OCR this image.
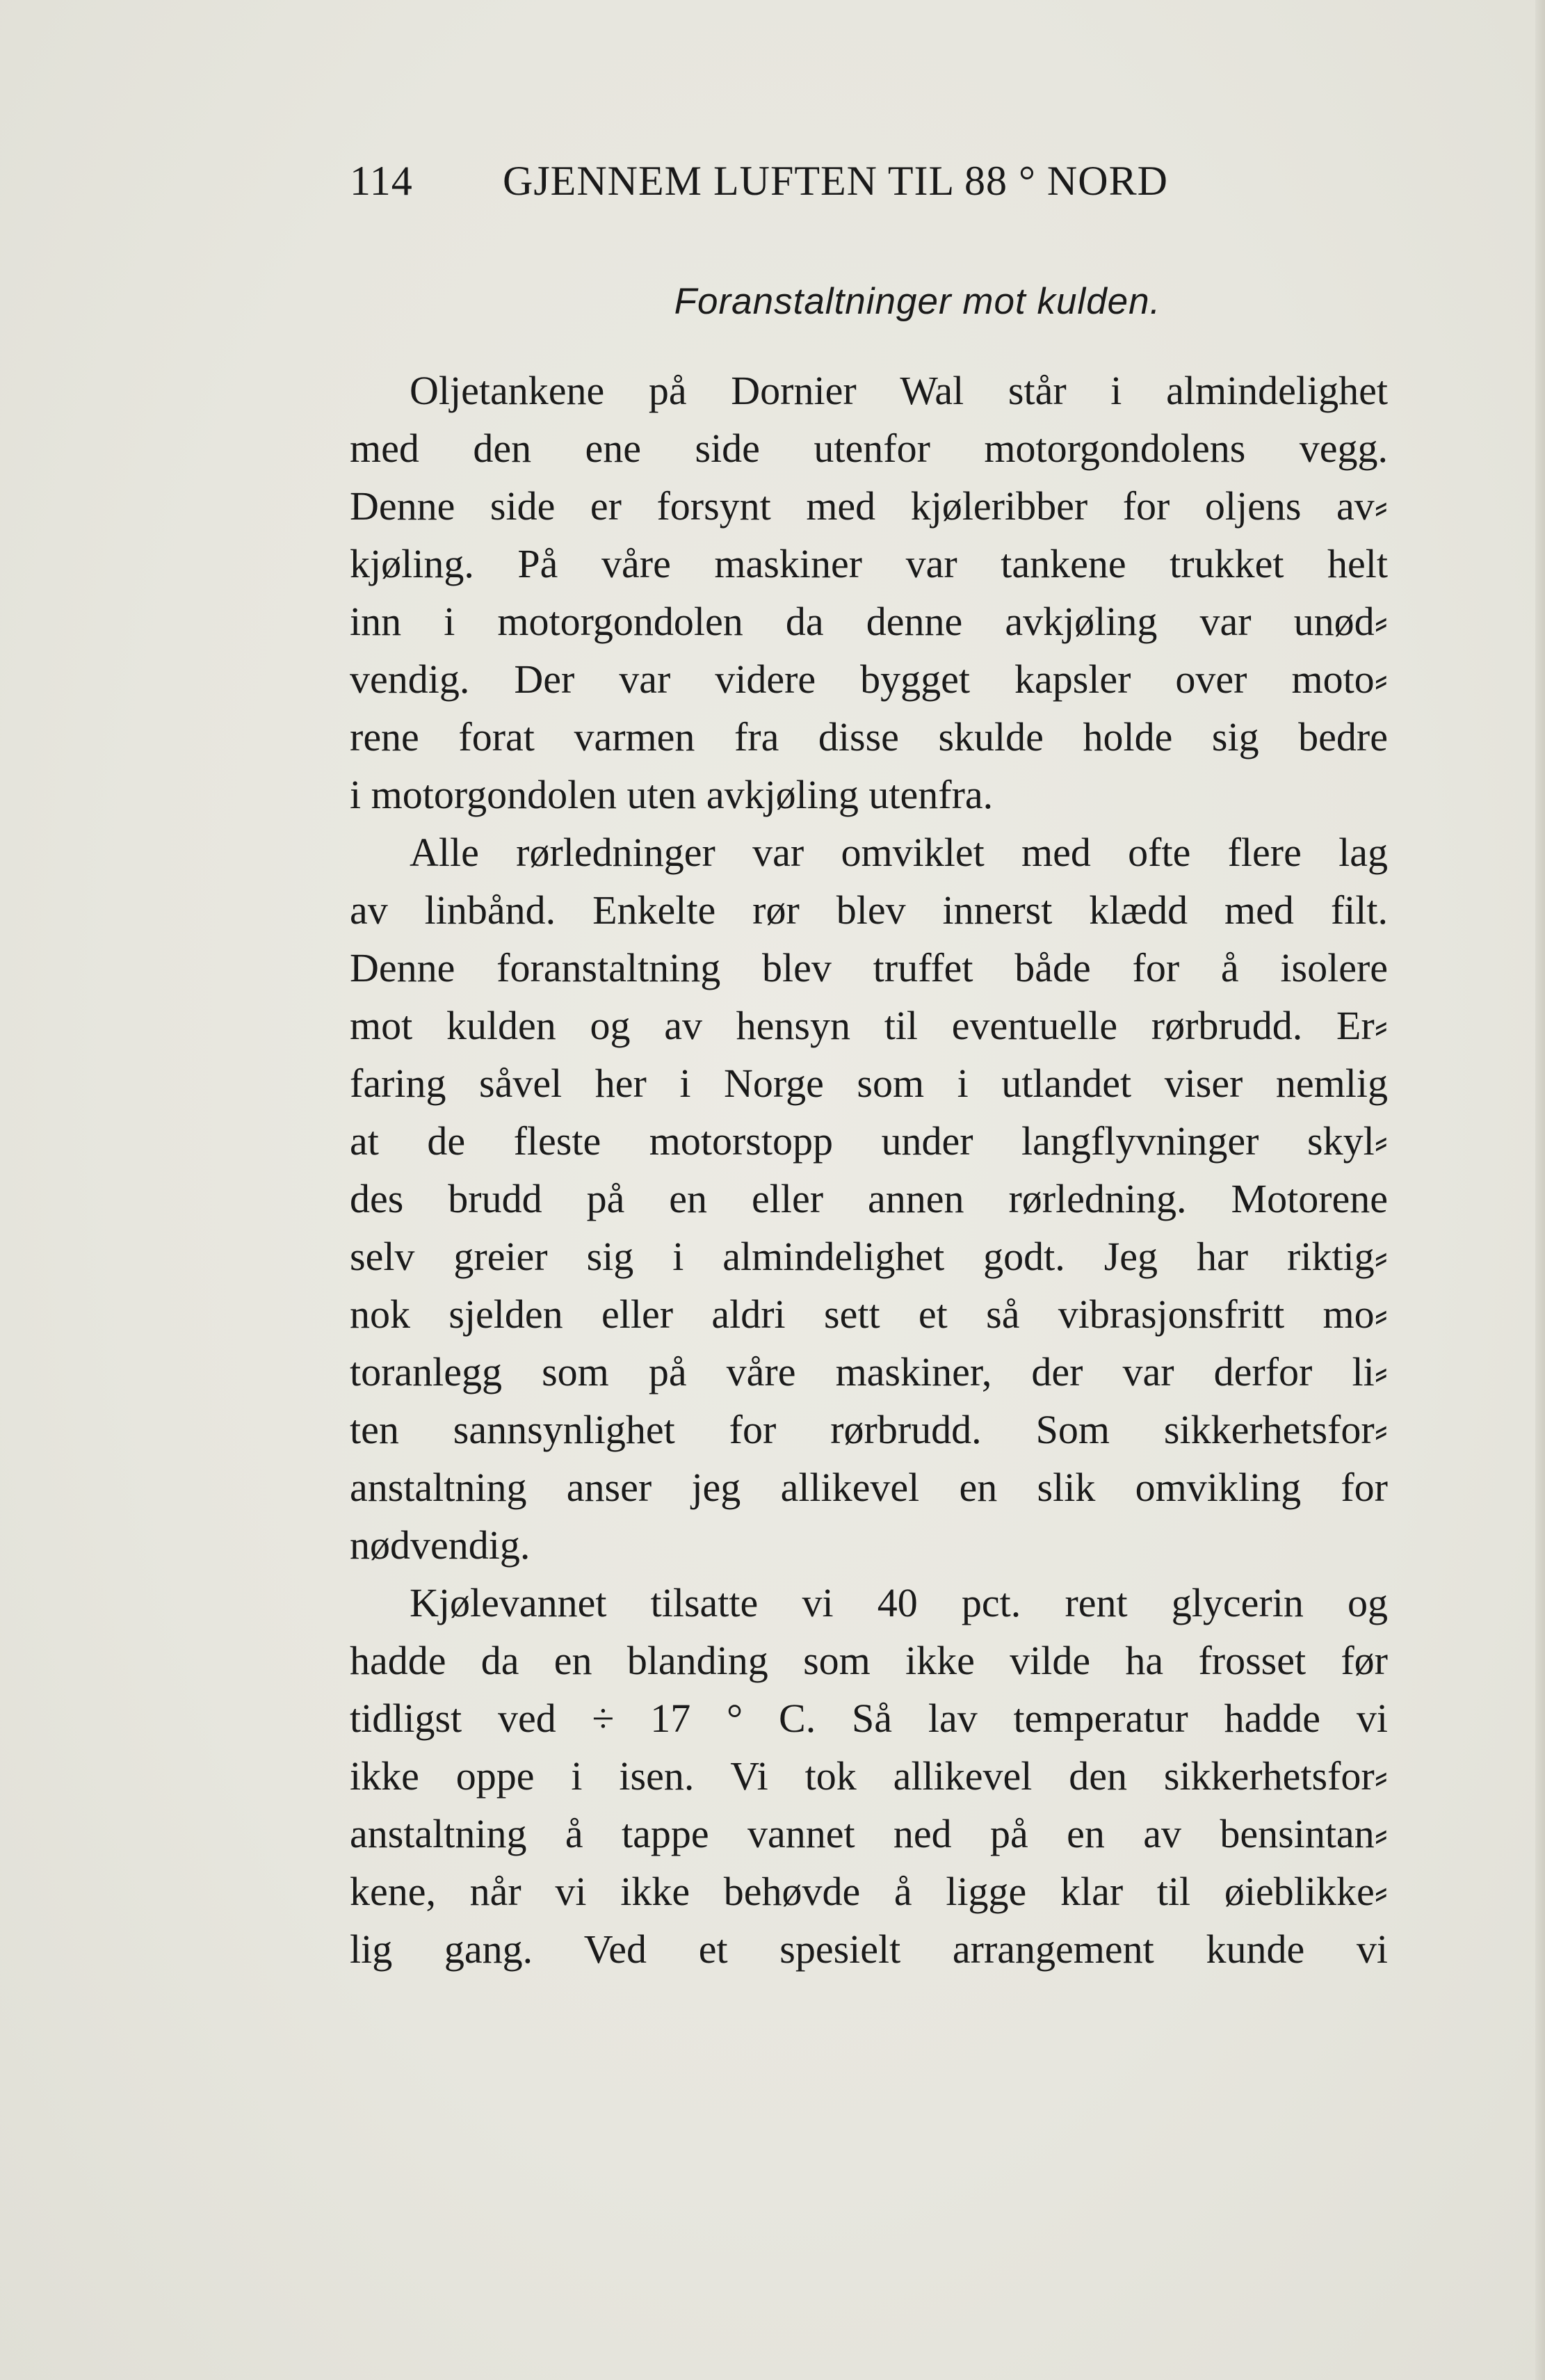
114 GJENNEM LUFTEN TIL 88 ° NORD
Foranstaltninger mot kulden.
Oljetankene på Dornier Wal står i almindelighet
med den ene side utenfor motorgondolens vegg.
Denne side er forsynt med kjøleribber for oljens av⸗
kjøling. På våre maskiner var tankene trukket helt
inn i motorgondolen da denne avkjøling var unød⸗
vendig. Der var videre bygget kapsler over moto⸗
rene forat varmen fra disse skulde holde sig bedre
i motorgondolen uten avkjøling utenfra.
Alle rørledninger var omviklet med ofte flere lag
av linbånd. Enkelte rør blev innerst klædd med filt.
Denne foranstaltning blev truffet både for å isolere
mot kulden og av hensyn til eventuelle rørbrudd. Er⸗
faring såvel her i Norge som i utlandet viser nemlig
at de fleste motorstopp under langflyvninger skyl⸗
des brudd på en eller annen rørledning. Motorene
selv greier sig i almindelighet godt. Jeg har riktig⸗
nok sjelden eller aldri sett et så vibrasjonsfritt mo⸗
toranlegg som på våre maskiner, der var derfor li⸗
ten sannsynlighet for rørbrudd. Som sikkerhetsfor⸗
anstaltning anser jeg allikevel en slik omvikling for
nødvendig.
Kjølevannet tilsatte vi 40 pct. rent glycerin og
hadde da en blanding som ikke vilde ha frosset før
tidligst ved ÷ 17 ° C. Så lav temperatur hadde vi
ikke oppe i isen. Vi tok allikevel den sikkerhetsfor⸗
anstaltning å tappe vannet ned på en av bensintan⸗
kene, når vi ikke behøvde å ligge klar til øieblikke⸗
lig gang. Ved et spesielt arrangement kunde vi
